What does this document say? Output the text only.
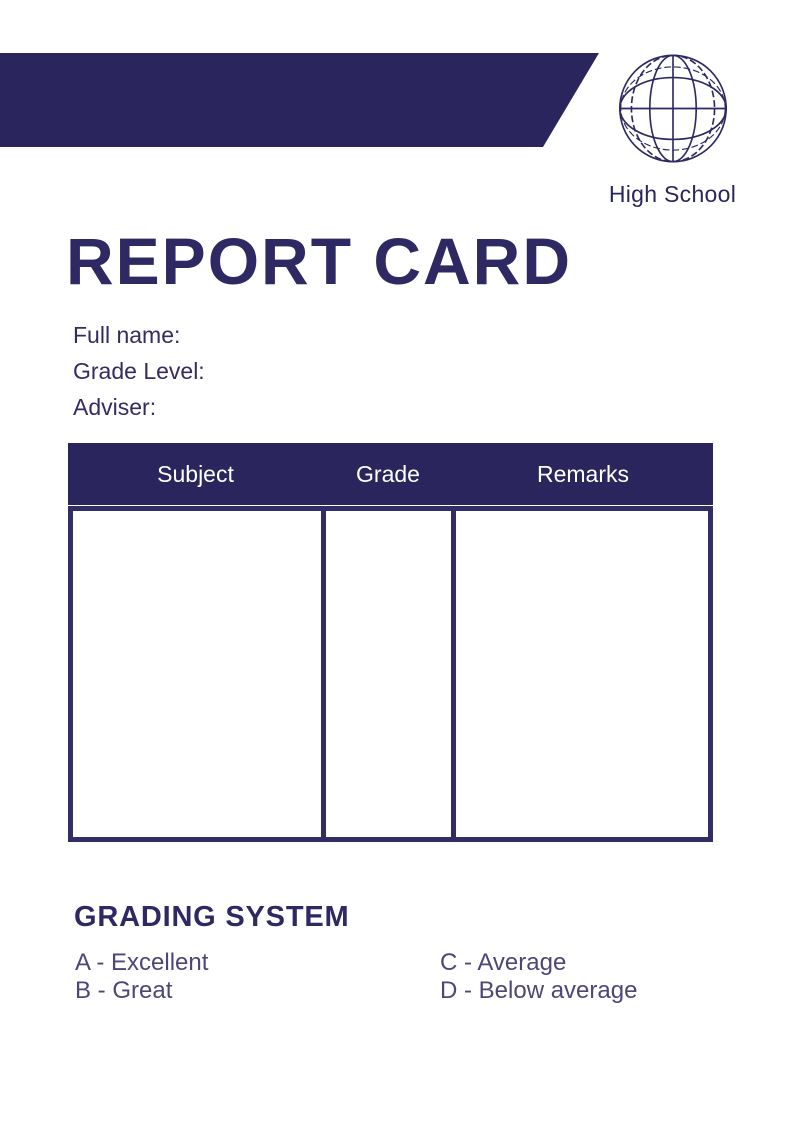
High School
REPORT CARD
Full name:
Grade Level:
Adviser:
Subject	Grade	Remarks
GRADING SYSTEM
A - Excellent
B - Great
C - Average
D - Below average
